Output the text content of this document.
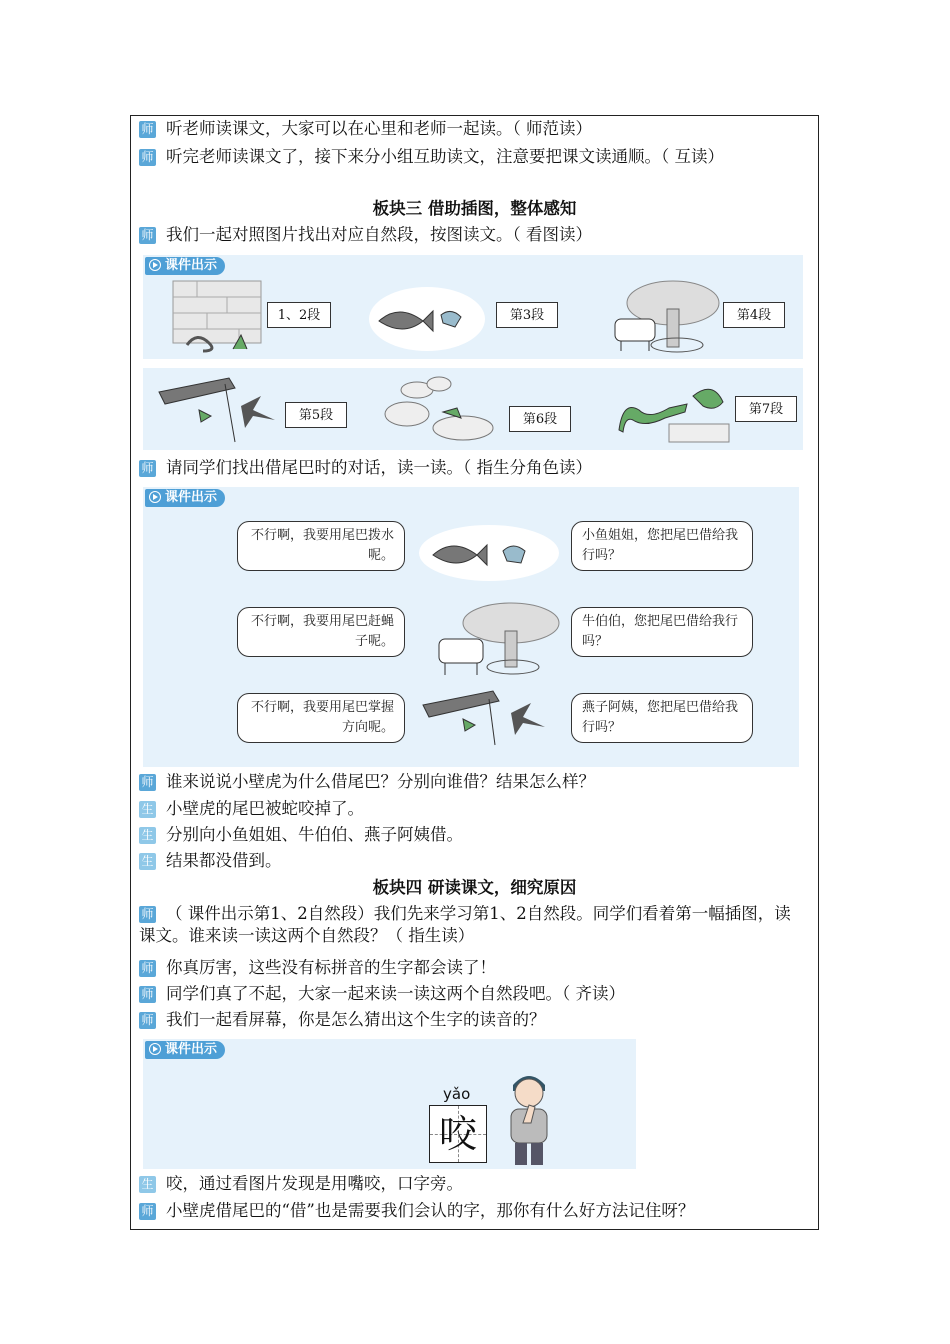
师 听老师读课文，大家可以在心里和老师一起读。（ 师范读）
师 听完老师读课文了，接下来分小组互助读文，注意要把课文读通顺。（ 互读）
板块三 借助插图，整体感知
师 我们一起对照图片找出对应自然段，按图读文。（ 看图读）
课件出示
1、2段	第3段	第4段
第5段	第6段
第7段
师 请同学们找出借尾巴时的对话，读一读。（ 指生分角色读）
课件出示
不行啊，我要用尾巴拨水呢。
小鱼姐姐，您把尾巴借给我行吗？
不行啊，我要用尾巴赶蝇子呢。
牛伯伯，您把尾巴借给我行吗？
不行啊，我要用尾巴掌握方向呢。
燕子阿姨，您把尾巴借给我行吗？
师 谁来说说小壁虎为什么借尾巴？分别向谁借？结果怎么样？
生 小壁虎的尾巴被蛇咬掉了。
生 分别向小鱼姐姐、牛伯伯、燕子阿姨借。
生 结果都没借到。
板块四 研读课文，细究原因
师 （ 课件出示第1、2自然段）我们先来学习第1、2自然段。同学们看着第一幅插图，读课文。谁来读一读这两个自然段？（ 指生读）
师 你真厉害，这些没有标拼音的生字都会读了！
师 同学们真了不起，大家一起来读一读这两个自然段吧。（ 齐读）
师 我们一起看屏幕，你是怎么猜出这个生字的读音的？
课件出示
yǎo
咬
生 咬，通过看图片发现是用嘴咬，口字旁。
师 小壁虎借尾巴的“借”也是需要我们会认的字，那你有什么好方法记住呀？
